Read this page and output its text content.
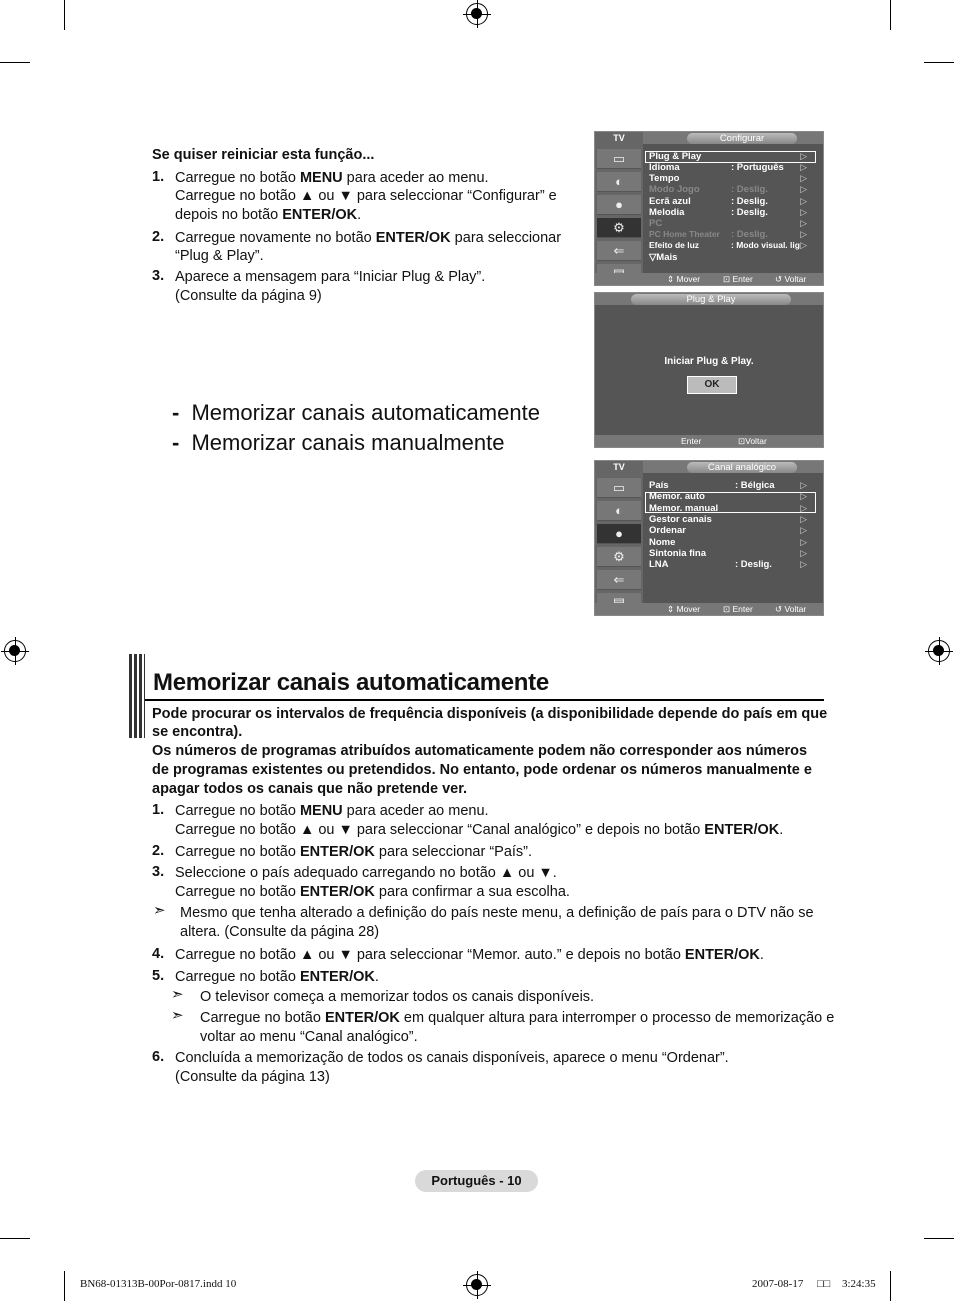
Se quiser reiniciar esta função...
1. Carregue no botão MENU para aceder ao menu.
Carregue no botão ▲ ou ▼ para seleccionar “Configurar” e
depois no botão ENTER/OK.
2. Carregue novamente no botão ENTER/OK para seleccionar
“Plug & Play”.
3. Aparece a mensagem para “Iniciar Plug & Play”.
(Consulte da página 9)
- Memorizar canais automaticamente
- Memorizar canais manualmente
TV	Configurar
▭
◐
●
⚙
⇐
Plug & Play	▷
Idioma	: Português ▷
Tempo	▷
Modo Jogo	: Deslig.	▷
Ecrã azul	: Deslig.	▷
Melodia	: Deslig.	▷
PC	▷
PC Home Theater : Deslig.	▷
Efeito de luz	: Modo visual. lig ▷
▽Mais
⇕ Mover	⊡ Enter	↺ Voltar
Plug & Play
Iniciar Plug & Play.
OK
Enter	⊡Voltar
TV	Canal analógico
▭
◐
●
⚙
⇐
País	: Bélgica	▷
Memor. auto	▷
Memor. manual	▷
Gestor canais	▷
Ordenar	▷
Nome	▷
Sintonia fina	▷
LNA	: Deslig.	▷
⇕ Mover	⊡ Enter	↺ Voltar
Memorizar canais automaticamente
Pode procurar os intervalos de frequência disponíveis (a disponibilidade depende do país em que
se encontra).
Os números de programas atribuídos automaticamente podem não corresponder aos números
de programas existentes ou pretendidos. No entanto, pode ordenar os números manualmente e
apagar todos os canais que não pretende ver.
1. Carregue no botão MENU para aceder ao menu.
Carregue no botão ▲ ou ▼ para seleccionar “Canal analógico” e depois no botão ENTER/OK.
2. Carregue no botão ENTER/OK para seleccionar “País”.
3. Seleccione o país adequado carregando no botão ▲ ou ▼.
Carregue no botão ENTER/OK para confirmar a sua escolha.
➣ Mesmo que tenha alterado a definição do país neste menu, a definição de país para o DTV não se
altera. (Consulte da página 28)
4. Carregue no botão ▲ ou ▼ para seleccionar “Memor. auto.” e depois no botão ENTER/OK.
5. Carregue no botão ENTER/OK.
➣ O televisor começa a memorizar todos os canais disponíveis.
➣ Carregue no botão ENTER/OK em qualquer altura para interromper o processo de memorização e
voltar ao menu “Canal analógico”.
6. Concluída a memorização de todos os canais disponíveis, aparece o menu “Ordenar”.
(Consulte da página 13)
Português - 10
BN68-01313B-00Por-0817.indd 10	2007-08-17 □□ 3:24:35
